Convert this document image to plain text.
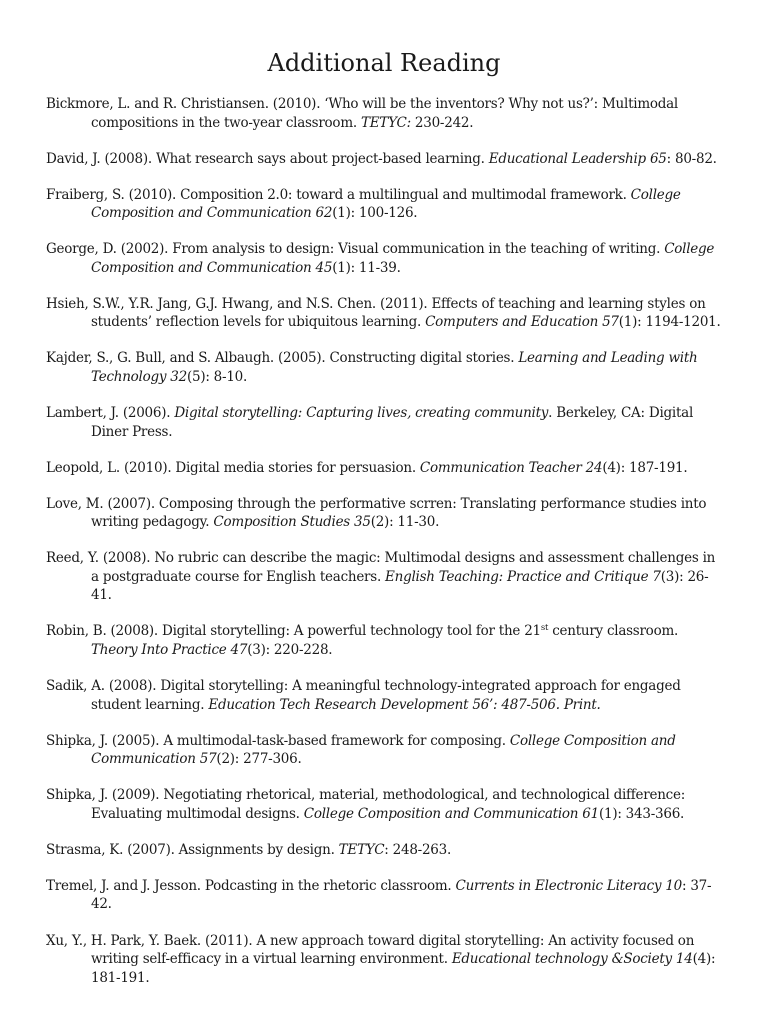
Additional Reading
Bickmore, L. and R. Christiansen. (2010). ‘Who will be the inventors? Why not us?’: Multimodal compositions in the two-year classroom. TETYC: 230-242.
David, J. (2008). What research says about project-based learning. Educational Leadership 65: 80-82.
Fraiberg, S. (2010). Composition 2.0: toward a multilingual and multimodal framework. College Composition and Communication 62(1): 100-126.
George, D. (2002). From analysis to design: Visual communication in the teaching of writing. College Composition and Communication 45(1): 11-39.
Hsieh, S.W., Y.R. Jang, G.J. Hwang, and N.S. Chen. (2011). Effects of teaching and learning styles on students’ reflection levels for ubiquitous learning. Computers and Education 57(1): 1194-1201.
Kajder, S., G. Bull, and S. Albaugh. (2005). Constructing digital stories. Learning and Leading with Technology 32(5): 8-10.
Lambert, J. (2006). Digital storytelling: Capturing lives, creating community. Berkeley, CA: Digital Diner Press.
Leopold, L. (2010). Digital media stories for persuasion. Communication Teacher 24(4): 187-191.
Love, M. (2007). Composing through the performative scrren: Translating performance studies into writing pedagogy. Composition Studies 35(2): 11-30.
Reed, Y. (2008). No rubric can describe the magic: Multimodal designs and assessment challenges in a postgraduate course for English teachers. English Teaching: Practice and Critique 7(3): 26-41.
Robin, B. (2008). Digital storytelling: A powerful technology tool for the 21st century classroom. Theory Into Practice 47(3): 220-228.
Sadik, A. (2008). Digital storytelling: A meaningful technology-integrated approach for engaged student learning. Education Tech Research Development 56’: 487-506. Print.
Shipka, J. (2005). A multimodal-task-based framework for composing. College Composition and Communication 57(2): 277-306.
Shipka, J. (2009). Negotiating rhetorical, material, methodological, and technological difference: Evaluating multimodal designs. College Composition and Communication 61(1): 343-366.
Strasma, K. (2007). Assignments by design. TETYC: 248-263.
Tremel, J. and J. Jesson. Podcasting in the rhetoric classroom. Currents in Electronic Literacy 10: 37-42.
Xu, Y., H. Park, Y. Baek. (2011). A new approach toward digital storytelling: An activity focused on writing self-efficacy in a virtual learning environment. Educational technology &Society 14(4): 181-191.
